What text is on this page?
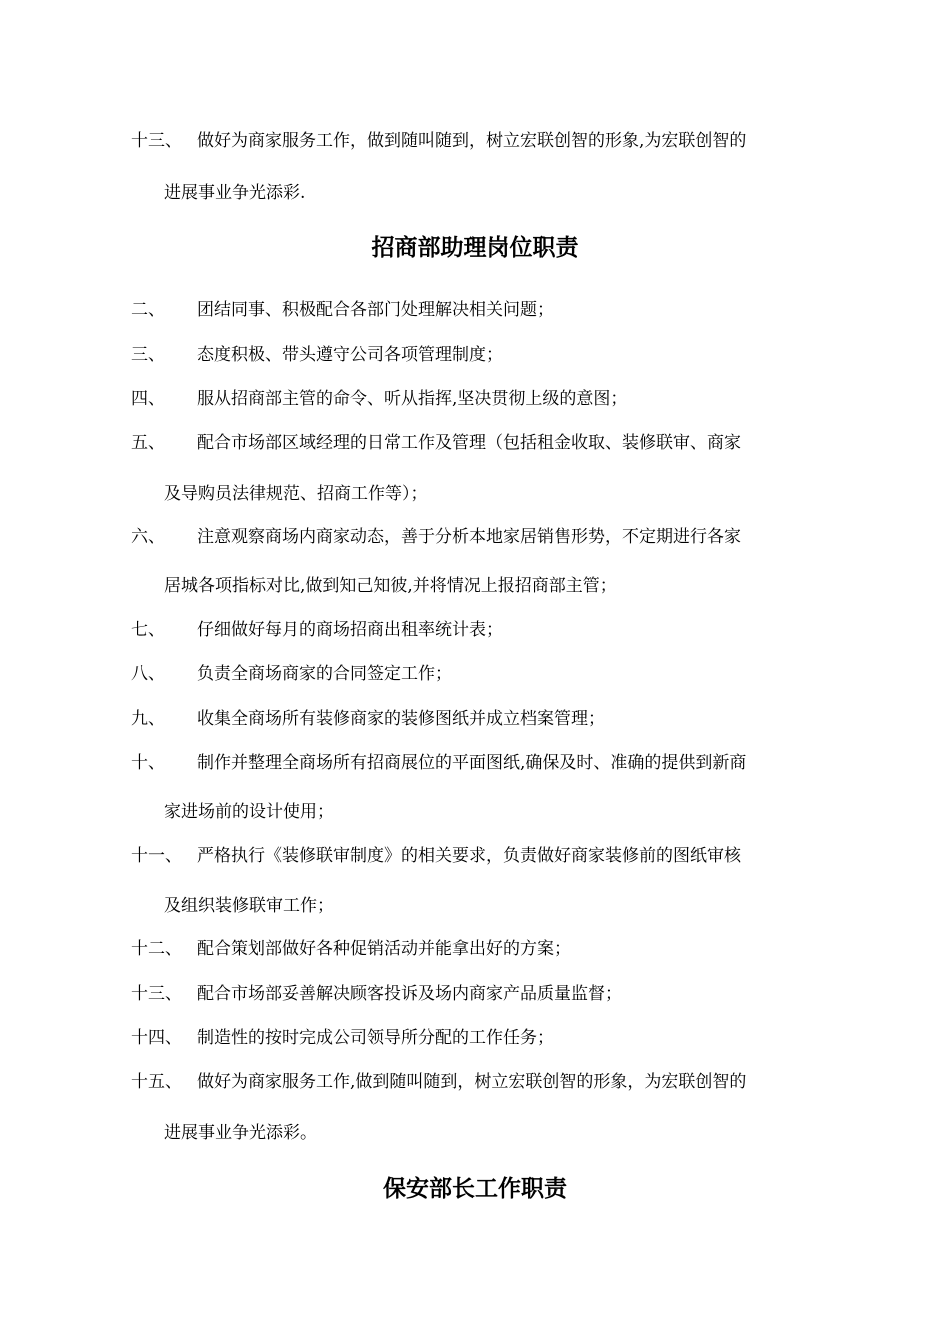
十三、 做好为商家服务工作，做到随叫随到，树立宏联创智的形象,为宏联创智的
进展事业争光添彩.
招商部助理岗位职责
二、 团结同事、积极配合各部门处理解决相关问题；
三、 态度积极、带头遵守公司各项管理制度；
四、 服从招商部主管的命令、听从指挥,坚决贯彻上级的意图；
五、 配合市场部区域经理的日常工作及管理（包括租金收取、装修联审、商家
及导购员法律规范、招商工作等）；
六、 注意观察商场内商家动态，善于分析本地家居销售形势，不定期进行各家
居城各项指标对比,做到知己知彼,并将情况上报招商部主管；
七、 仔细做好每月的商场招商出租率统计表；
八、 负责全商场商家的合同签定工作；
九、 收集全商场所有装修商家的装修图纸并成立档案管理；
十、 制作并整理全商场所有招商展位的平面图纸,确保及时、准确的提供到新商
家进场前的设计使用；
十一、 严格执行《装修联审制度》的相关要求，负责做好商家装修前的图纸审核
及组织装修联审工作；
十二、 配合策划部做好各种促销活动并能拿出好的方案；
十三、 配合市场部妥善解决顾客投诉及场内商家产品质量监督；
十四、 制造性的按时完成公司领导所分配的工作任务；
十五、 做好为商家服务工作,做到随叫随到，树立宏联创智的形象，为宏联创智的
进展事业争光添彩。
保安部长工作职责
